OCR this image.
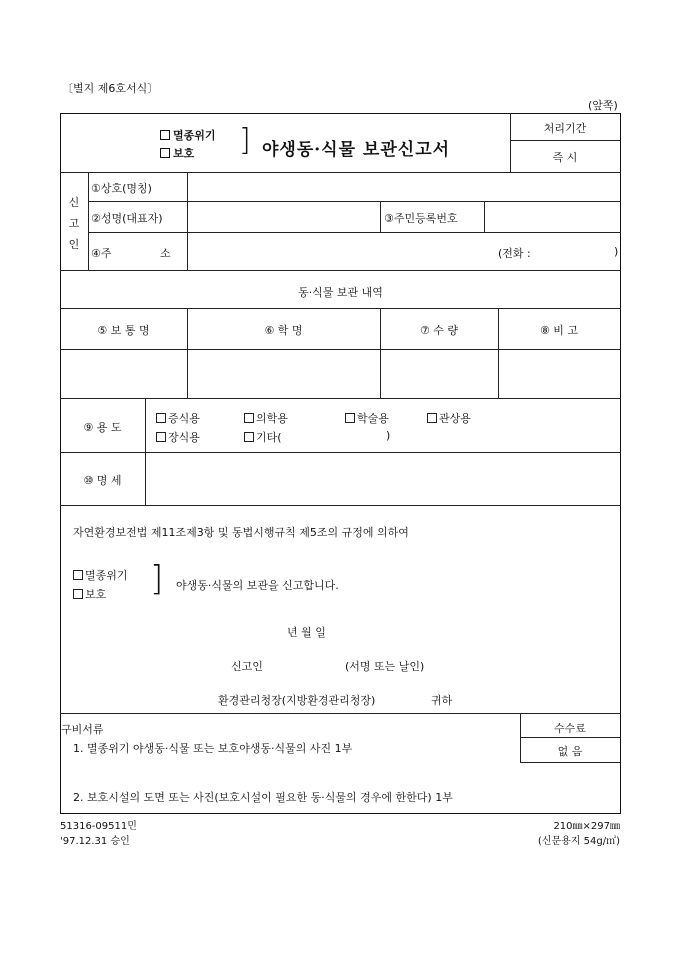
〔별지 제6호서식〕
(앞쪽)
멸종위기
보호 ] 야생동·식물 보관신고서
처리기간
즉 시
신
고
인
①상호(명칭)
②성명(대표자)	③주민등록번호
④주	소	(전화 :	)
동·식물 보관 내역
⑤ 보 통 명	⑥ 학 명	⑦ 수 량	⑧ 비 고
⑨ 용 도
증식용	의학용	학술용	관상용
장식용	기타(	)
⑩ 명 세
자연환경보전법 제11조제3항 및 동법시행규칙 제5조의 규정에 의하여
멸종위기
보호 ] 야생동·식물의 보관을 신고합니다.
년 월 일
신고인	(서명 또는 날인)
환경관리청장(지방환경관리청장)	귀하
구비서류
1. 멸종위기 야생동·식물 또는 보호야생동·식물의 사진 1부
2. 보호시설의 도면 또는 사진(보호시설이 필요한 동·식물의 경우에 한한다) 1부
수수료
없 음
51316-09511민
'97.12.31 승인
210㎜×297㎜
(신문용지 54g/㎡)
